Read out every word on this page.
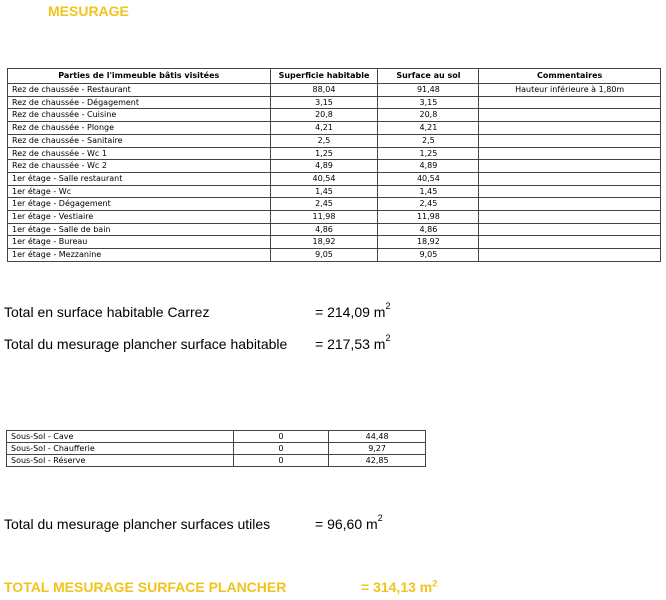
MESURAGE
Parties de l'immeuble bâtis visitées	Superficie habitable	Surface au sol	Commentaires
Rez de chaussée - Restaurant	88,04	91,48	Hauteur inférieure à 1,80m
Rez de chaussée - Dégagement	3,15	3,15	
Rez de chaussée - Cuisine	20,8	20,8	
Rez de chaussée - Plonge	4,21	4,21	
Rez de chaussée - Sanitaire	2,5	2,5	
Rez de chaussée - Wc 1	1,25	1,25	
Rez de chaussée - Wc 2	4,89	4,89	
1er étage - Salle restaurant	40,54	40,54	
1er étage - Wc	1,45	1,45	
1er étage - Dégagement	2,45	2,45	
1er étage - Vestiaire	11,98	11,98	
1er étage - Salle de bain	4,86	4,86	
1er étage - Bureau	18,92	18,92	
1er étage - Mezzanine	9,05	9,05	
Total en surface habitable Carrez	= 214,09 $m^2$
Total du mesurage plancher surface habitable = 217,53 $m^2$
Sous-Sol - Cave	0	44,48
Sous-Sol - Chaufferie	0	9,27
Sous-Sol - Réserve	0	42,85
Total du mesurage plancher surfaces utiles	= 96,60 $m^2$
TOTAL MESURAGE SURFACE PLANCHER	= 314,13 $m^2$
